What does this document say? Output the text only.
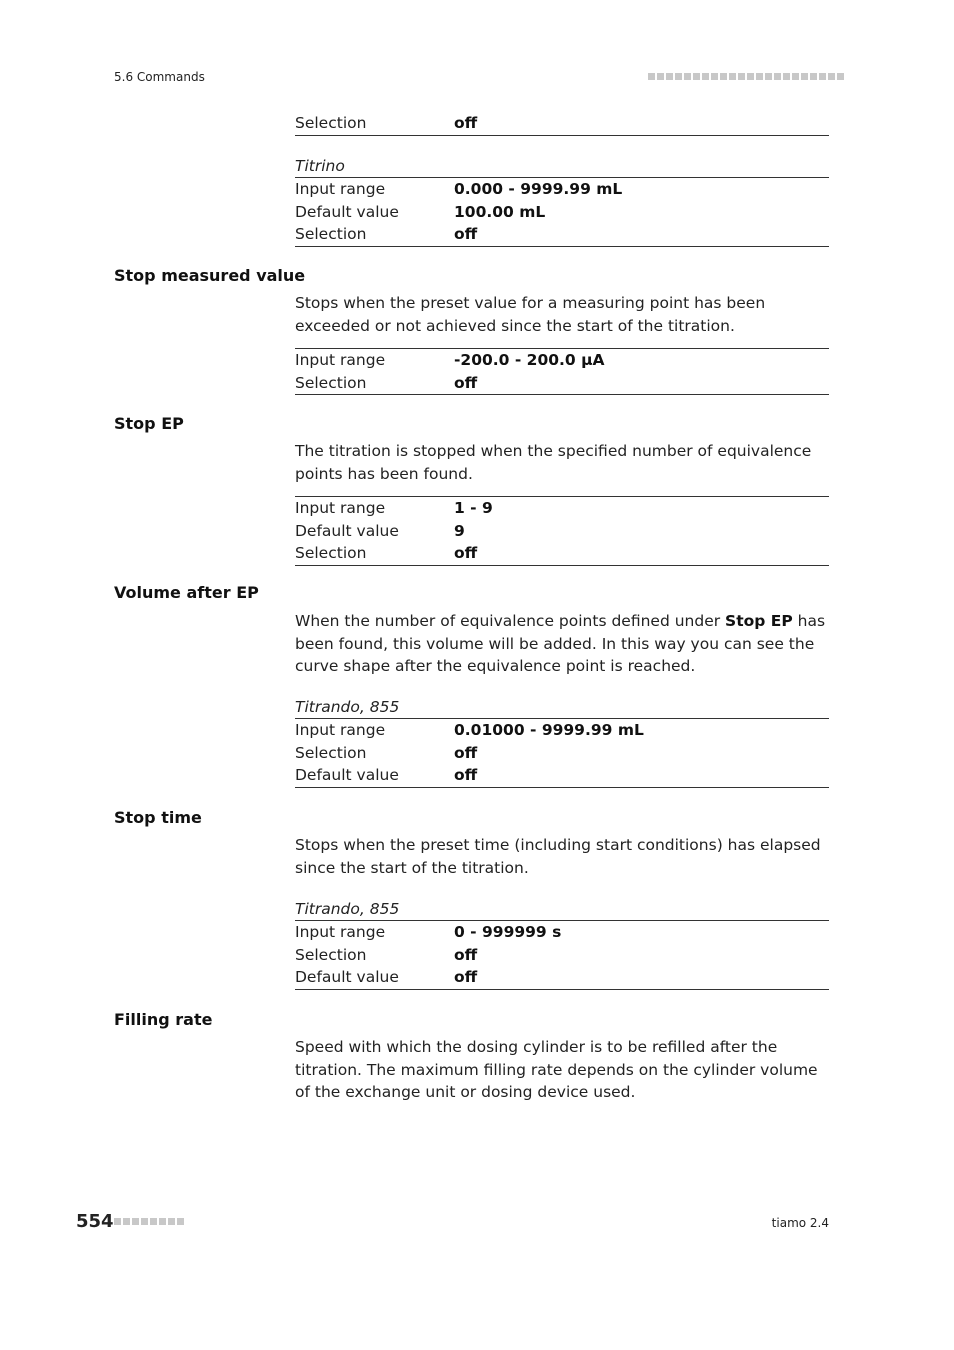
5.6 Commands
Selection	off
Titrino
Input range	0.000 - 9999.99 mL
Default value	100.00 mL
Selection	off
Stop measured value
Stops when the preset value for a measuring point has been exceeded or not achieved since the start of the titration.
Input range	-200.0 - 200.0 µA
Selection	off
Stop EP
The titration is stopped when the specified number of equivalence points has been found.
Input range	1 - 9
Default value	9
Selection	off
Volume after EP
When the number of equivalence points defined under Stop EP has been found, this volume will be added. In this way you can see the curve shape after the equivalence point is reached.
Titrando, 855
Input range	0.01000 - 9999.99 mL
Selection	off
Default value	off
Stop time
Stops when the preset time (including start conditions) has elapsed since the start of the titration.
Titrando, 855
Input range	0 - 999999 s
Selection	off
Default value	off
Filling rate
Speed with which the dosing cylinder is to be refilled after the titration. The maximum filling rate depends on the cylinder volume of the exchange unit or dosing device used.
554	tiamo 2.4
